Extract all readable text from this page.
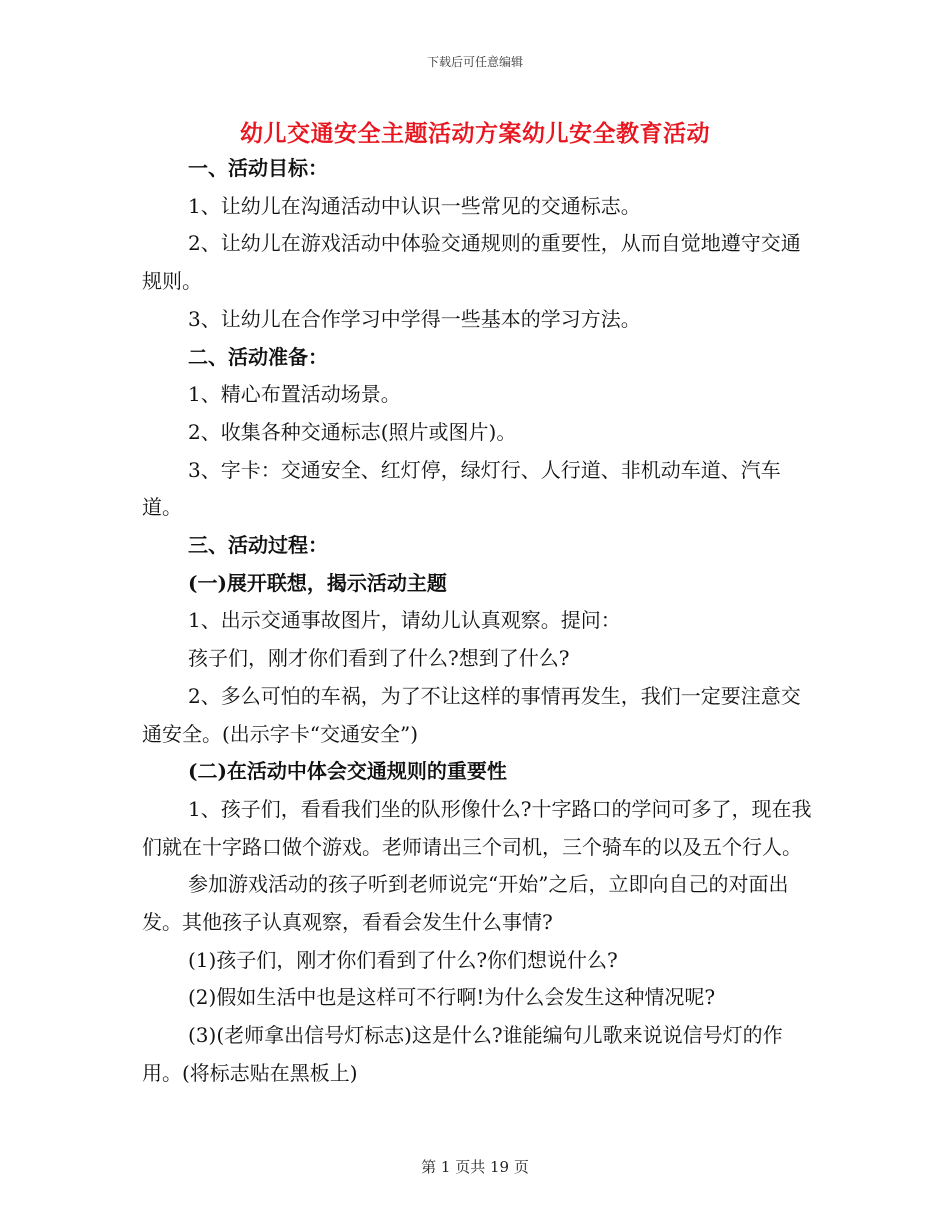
下载后可任意编辑
幼儿交通安全主题活动方案幼儿安全教育活动

一、活动目标：

1、让幼儿在沟通活动中认识一些常见的交通标志。

2、让幼儿在游戏活动中体验交通规则的重要性，从而自觉地遵守交通规则。

3、让幼儿在合作学习中学得一些基本的学习方法。

二、活动准备：

1、精心布置活动场景。

2、收集各种交通标志(照片或图片)。

3、字卡：交通安全、红灯停，绿灯行、人行道、非机动车道、汽车道。

三、活动过程：

(一)展开联想，揭示活动主题

1、出示交通事故图片，请幼儿认真观察。提问：

孩子们，刚才你们看到了什么?想到了什么?

2、多么可怕的车祸，为了不让这样的事情再发生，我们一定要注意交通安全。(出示字卡“交通安全”)

(二)在活动中体会交通规则的重要性

1、孩子们，看看我们坐的队形像什么?十字路口的学问可多了，现在我们就在十字路口做个游戏。老师请出三个司机，三个骑车的以及五个行人。

参加游戏活动的孩子听到老师说完“开始”之后，立即向自己的对面出发。其他孩子认真观察，看看会发生什么事情?

(1)孩子们，刚才你们看到了什么?你们想说什么?

(2)假如生活中也是这样可不行啊!为什么会发生这种情况呢?

(3)(老师拿出信号灯标志)这是什么?谁能编句儿歌来说说信号灯的作用。(将标志贴在黑板上)

第 1 页共 19 页
